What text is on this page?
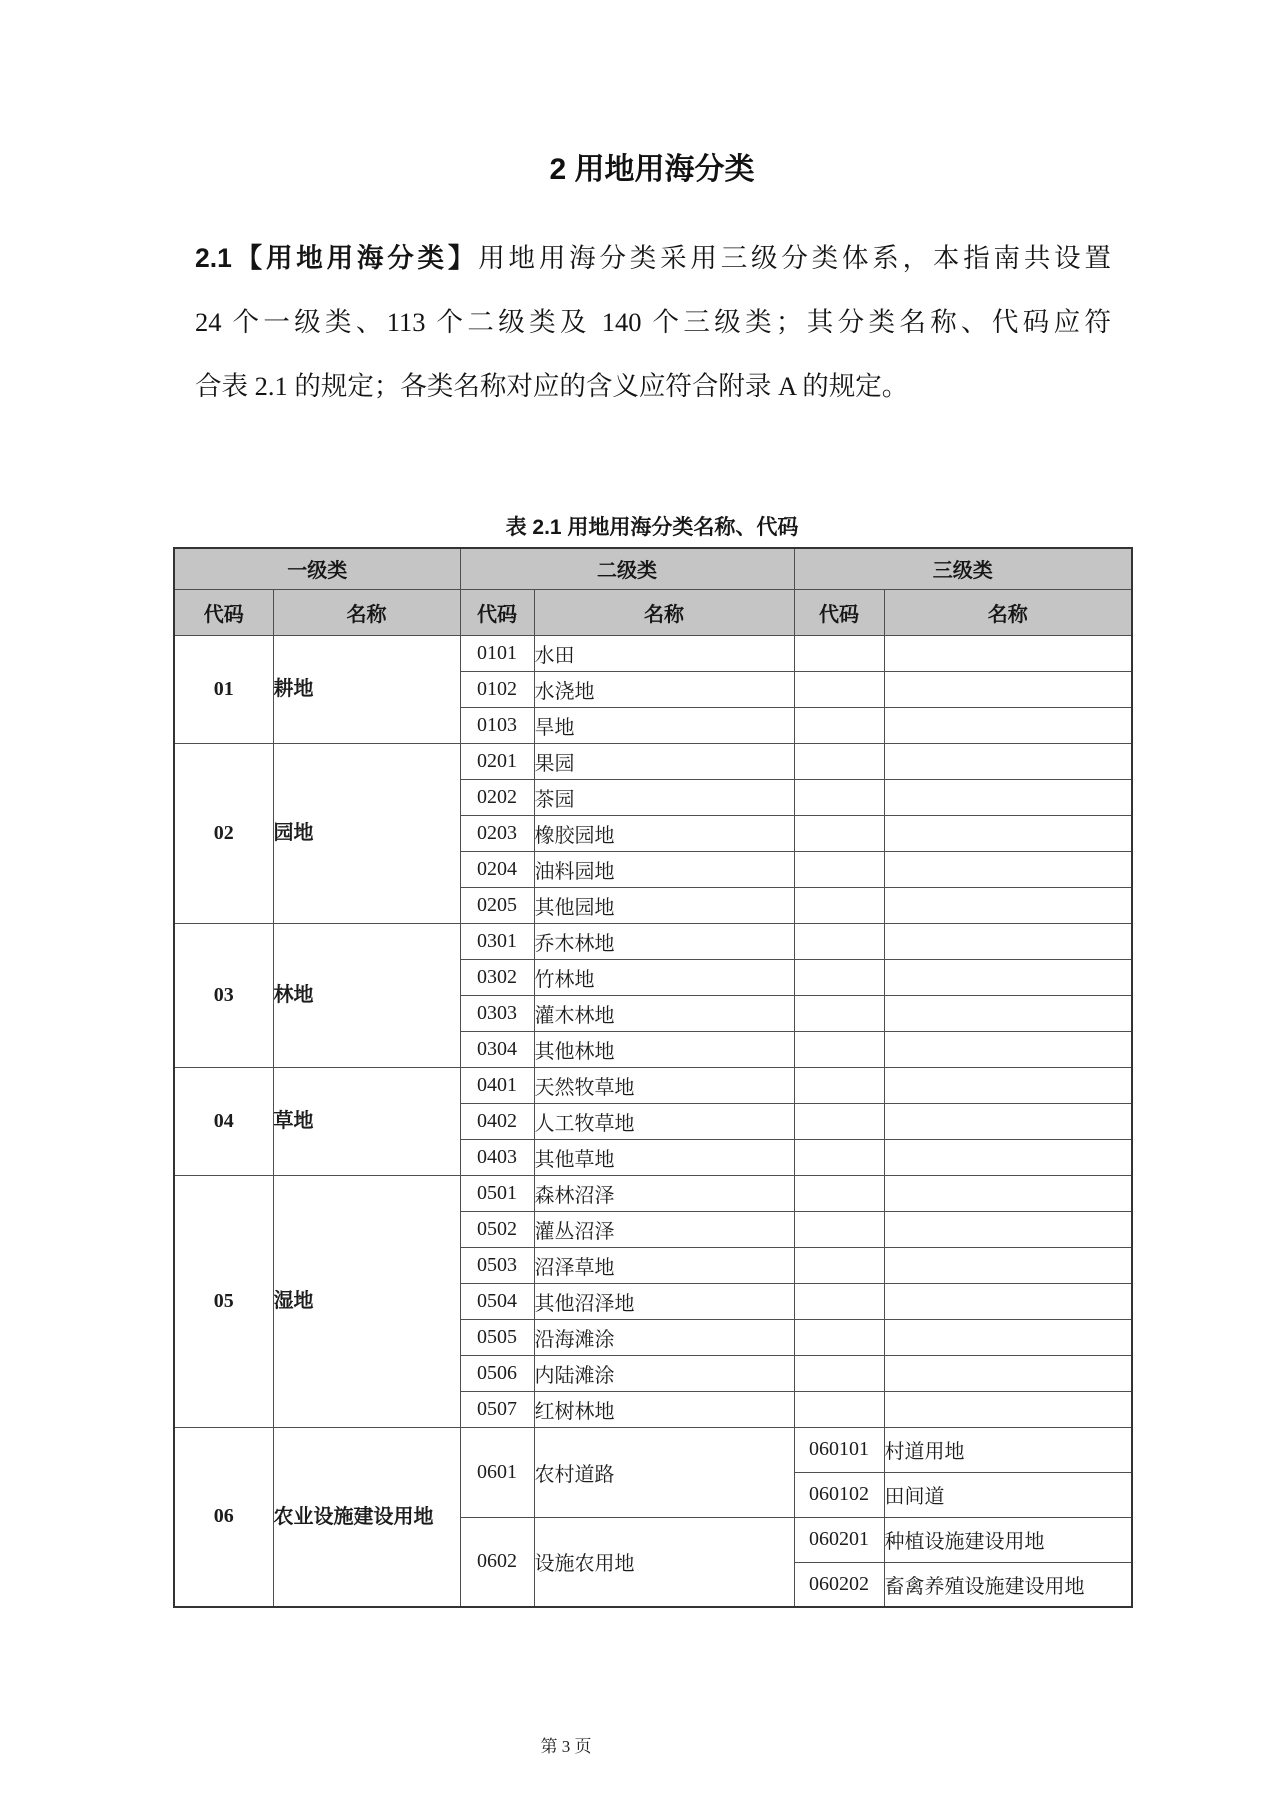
2 用地用海分类
2.1【用地用海分类】用地用海分类采用三级分类体系，本指南共设置
24 个一级类、113 个二级类及 140 个三级类；其分类名称、代码应符
合表 2.1 的规定；各类名称对应的含义应符合附录 A 的规定。
表 2.1 用地用海分类名称、代码
一级类		二级类		三级类	
代码	名称	代码	名称	代码	名称
01	耕地	0101	水田		
		0102	水浇地		
		0103	旱地		
02	园地	0201	果园		
		0202	茶园		
		0203	橡胶园地		
		0204	油料园地		
		0205	其他园地		
03	林地	0301	乔木林地		
		0302	竹林地		
		0303	灌木林地		
		0304	其他林地		
04	草地	0401	天然牧草地		
		0402	人工牧草地		
		0403	其他草地		
05	湿地	0501	森林沼泽		
		0502	灌丛沼泽		
		0503	沼泽草地		
		0504	其他沼泽地		
		0505	沿海滩涂		
		0506	内陆滩涂		
		0507	红树林地		
06	农业设施建设用地	0601	农村道路	060101	村道用地
				060102	田间道
		0602	设施农用地	060201	种植设施建设用地
				060202	畜禽养殖设施建设用地
第 3 页
